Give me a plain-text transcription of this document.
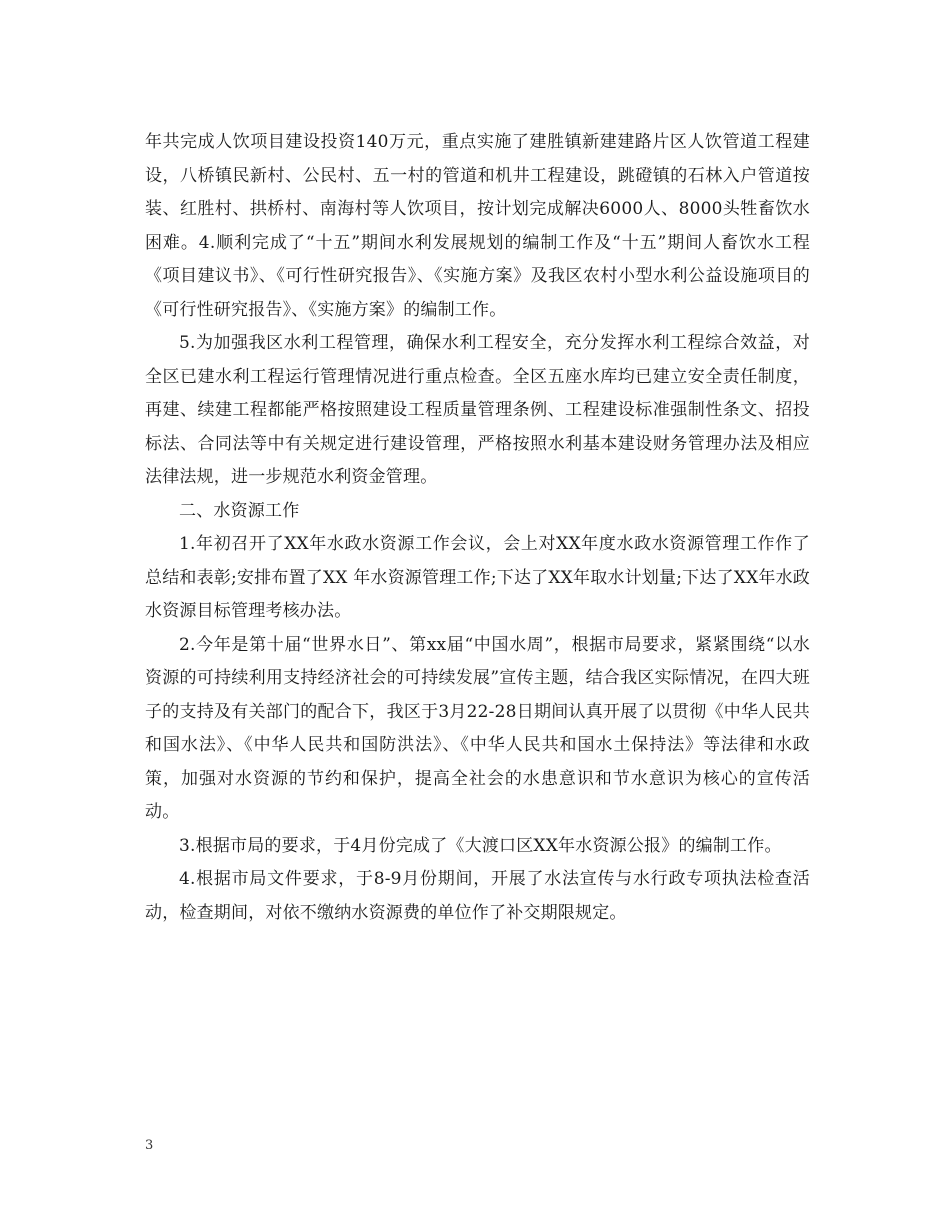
年共完成人饮项目建设投资140万元，重点实施了建胜镇新建建路片区人饮管道工程建设，八桥镇民新村、公民村、五一村的管道和机井工程建设，跳磴镇的石林入户管道按装、红胜村、拱桥村、南海村等人饮项目，按计划完成解决6000人、8000头牲畜饮水困难。4.顺利完成了“十五”期间水利发展规划的编制工作及“十五”期间人畜饮水工程《项目建议书》、《可行性研究报告》、《实施方案》及我区农村小型水利公益设施项目的《可行性研究报告》、《实施方案》的编制工作。

5.为加强我区水利工程管理，确保水利工程安全，充分发挥水利工程综合效益，对全区已建水利工程运行管理情况进行重点检查。全区五座水库均已建立安全责任制度，再建、续建工程都能严格按照建设工程质量管理条例、工程建设标准强制性条文、招投标法、合同法等中有关规定进行建设管理，严格按照水利基本建设财务管理办法及相应法律法规，进一步规范水利资金管理。

二、水资源工作

1.年初召开了XX年水政水资源工作会议，会上对XX年度水政水资源管理工作作了总结和表彰;安排布置了XX 年水资源管理工作;下达了XX年取水计划量;下达了XX年水政水资源目标管理考核办法。

2.今年是第十届“世界水日”、第xx届“中国水周”，根据市局要求，紧紧围绕“以水资源的可持续利用支持经济社会的可持续发展”宣传主题，结合我区实际情况，在四大班子的支持及有关部门的配合下，我区于3月22-28日期间认真开展了以贯彻《中华人民共和国水法》、《中华人民共和国防洪法》、《中华人民共和国水土保持法》等法律和水政策，加强对水资源的节约和保护，提高全社会的水患意识和节水意识为核心的宣传活动。

3.根据市局的要求，于4月份完成了《大渡口区XX年水资源公报》的编制工作。

4.根据市局文件要求，于8-9月份期间，开展了水法宣传与水行政专项执法检查活动，检查期间，对依不缴纳水资源费的单位作了补交期限规定。

3
